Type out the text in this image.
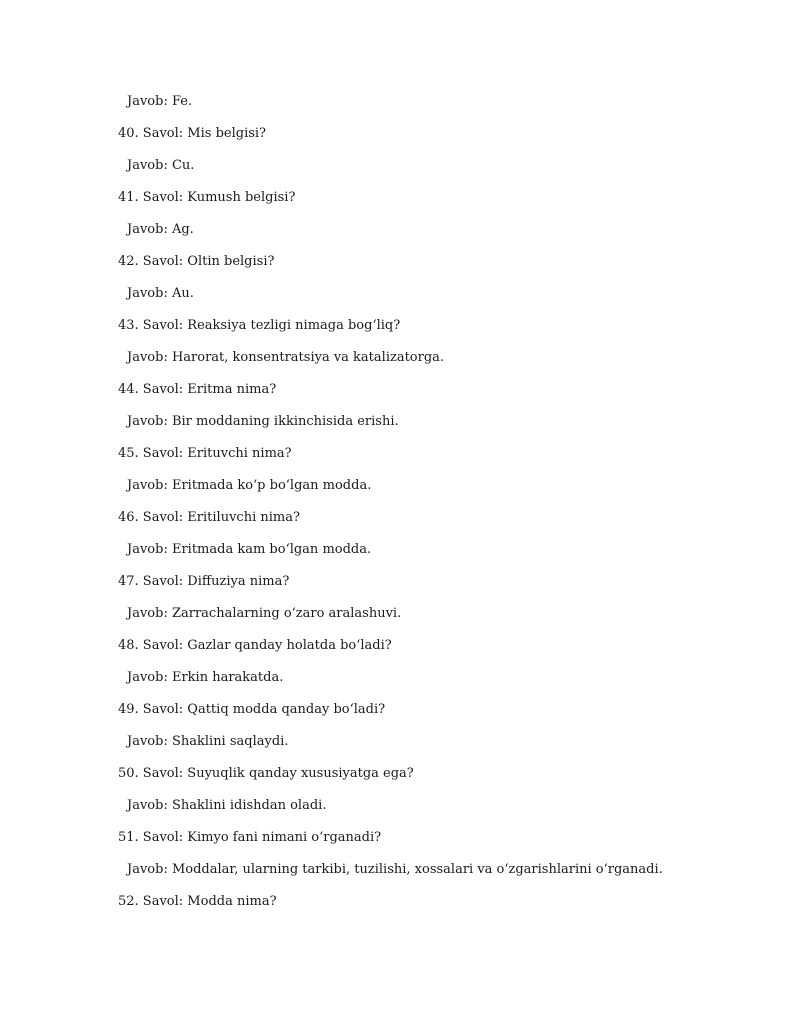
Javob: Fe.
40. Savol: Mis belgisi?
Javob: Cu.
41. Savol: Kumush belgisi?
Javob: Ag.
42. Savol: Oltin belgisi?
Javob: Au.
43. Savol: Reaksiya tezligi nimaga bog‘liq?
Javob: Harorat, konsentratsiya va katalizatorga.
44. Savol: Eritma nima?
Javob: Bir moddaning ikkinchisida erishi.
45. Savol: Erituvchi nima?
Javob: Eritmada ko‘p bo‘lgan modda.
46. Savol: Eritiluvchi nima?
Javob: Eritmada kam bo‘lgan modda.
47. Savol: Diffuziya nima?
Javob: Zarrachalarning o‘zaro aralashuvi.
48. Savol: Gazlar qanday holatda bo‘ladi?
Javob: Erkin harakatda.
49. Savol: Qattiq modda qanday bo‘ladi?
Javob: Shaklini saqlaydi.
50. Savol: Suyuqlik qanday xususiyatga ega?
Javob: Shaklini idishdan oladi.
51. Savol: Kimyo fani nimani o‘rganadi?
Javob: Moddalar, ularning tarkibi, tuzilishi, xossalari va o‘zgarishlarini o‘rganadi.
52. Savol: Modda nima?
